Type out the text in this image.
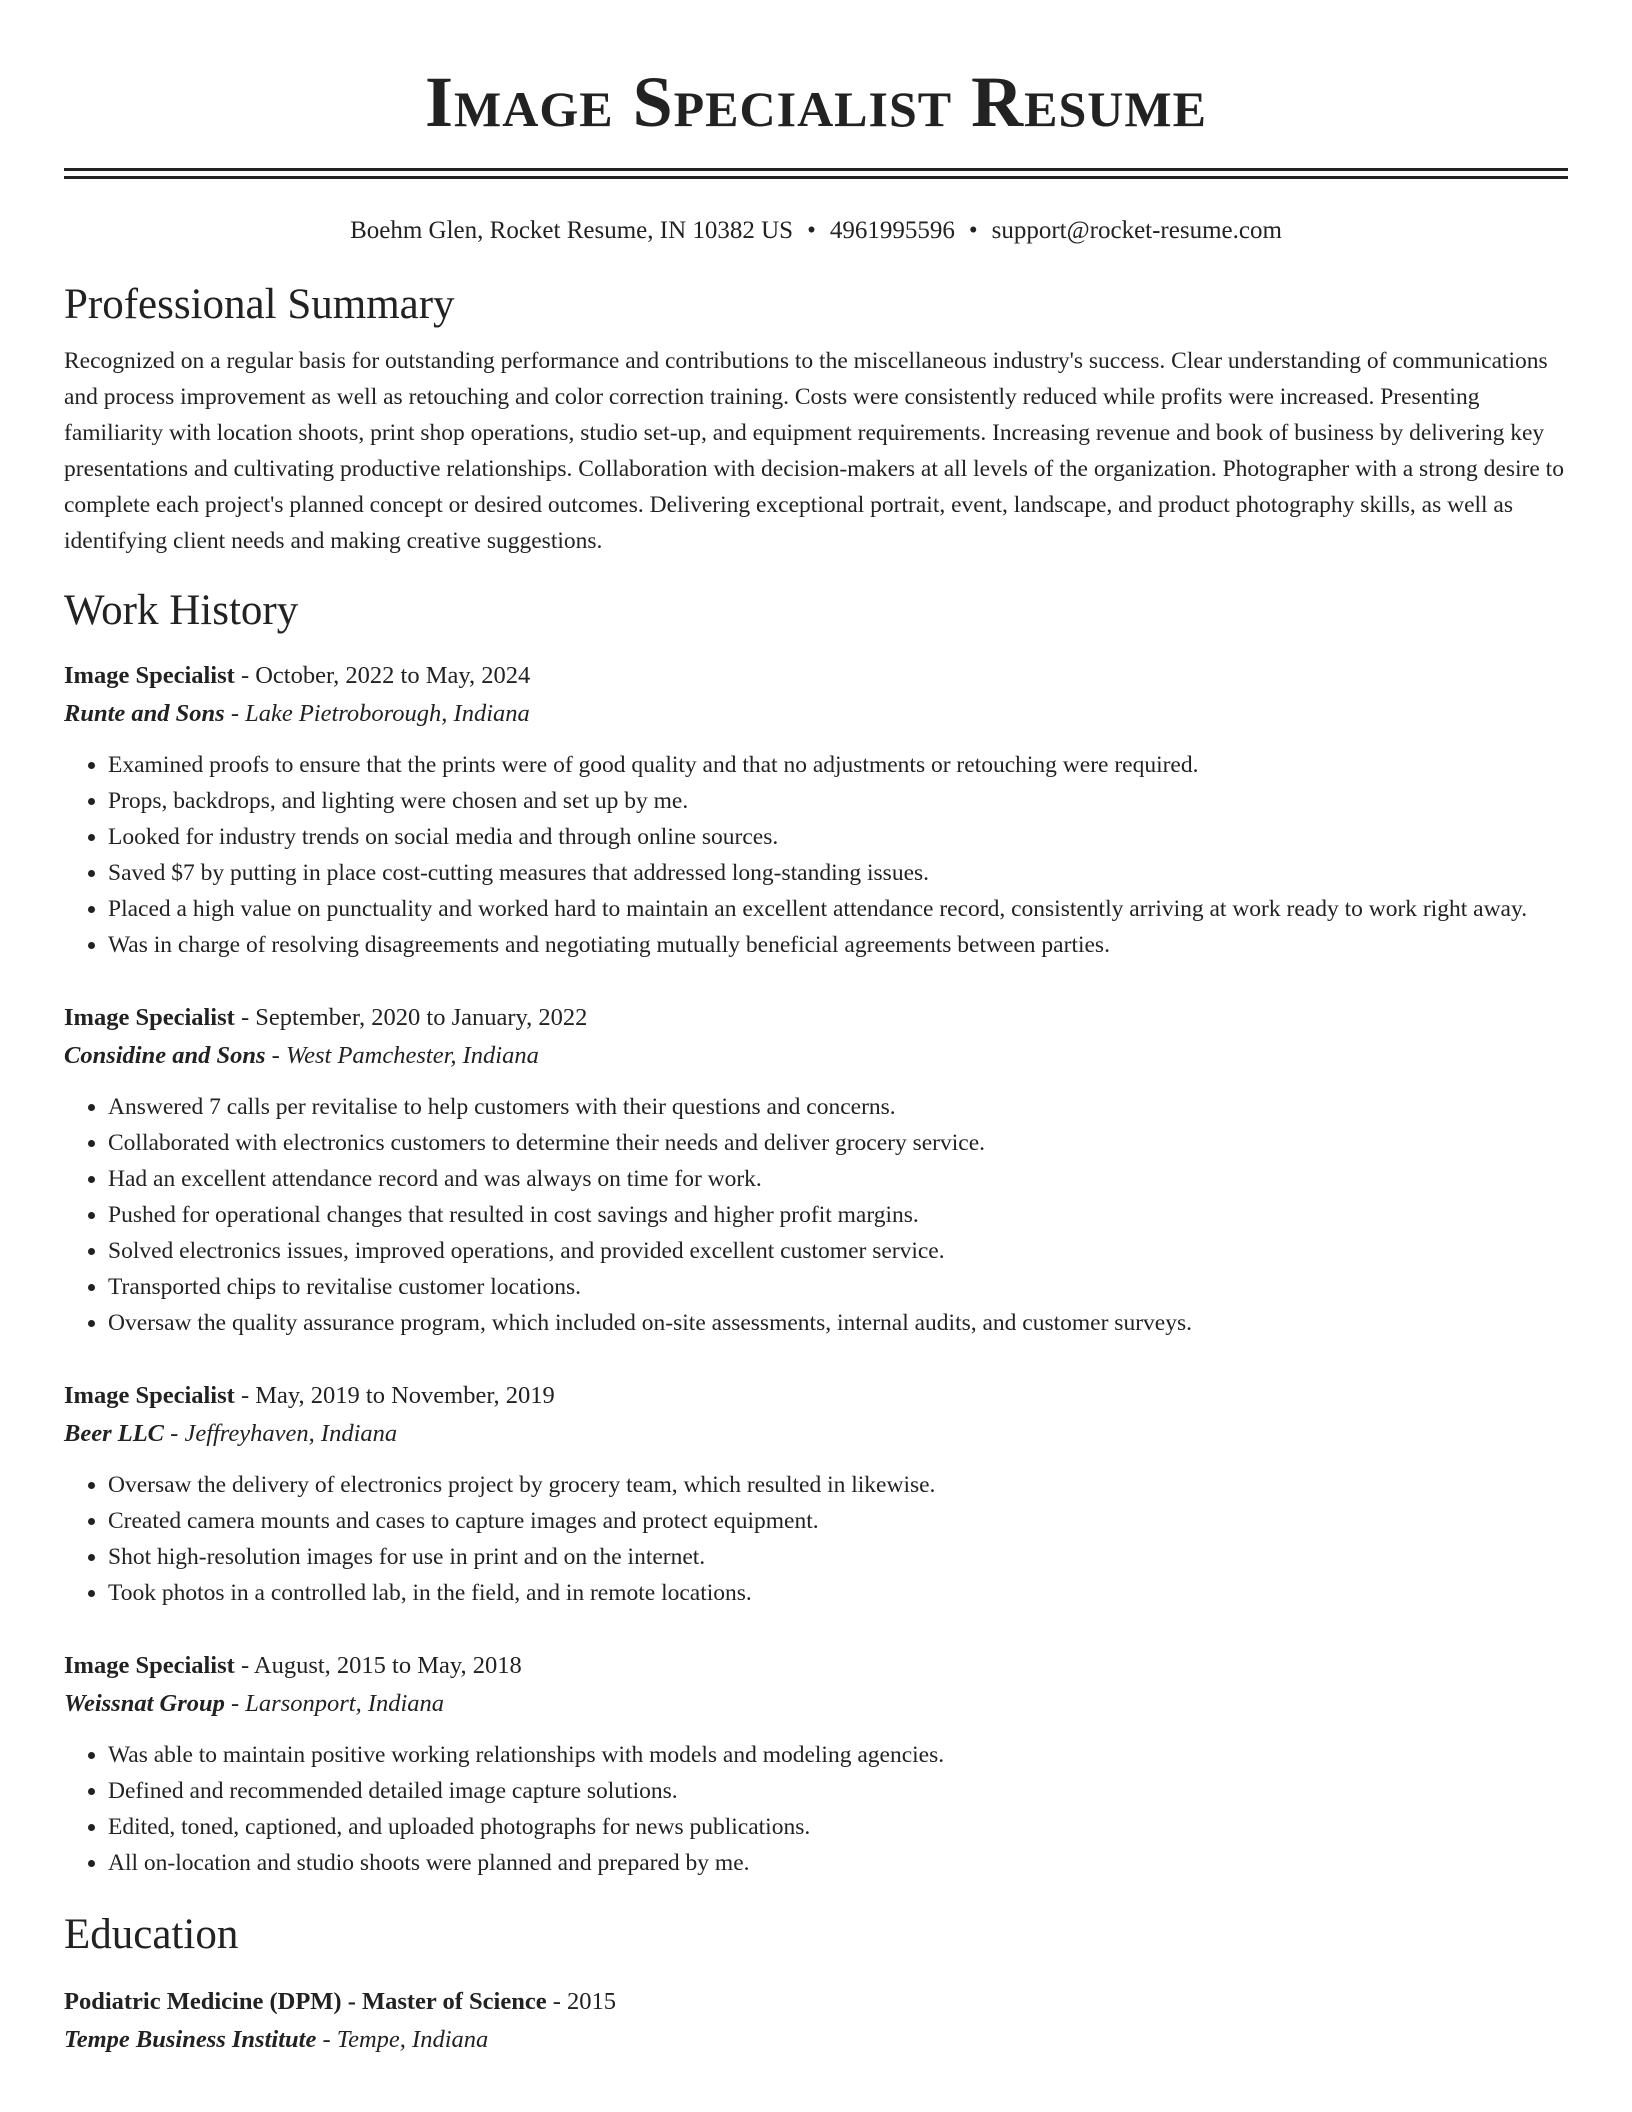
Image Specialist Resume
Boehm Glen, Rocket Resume, IN 10382 US • 4961995596 • support@rocket-resume.com
Professional Summary
Recognized on a regular basis for outstanding performance and contributions to the miscellaneous industry's success. Clear understanding of communications and process improvement as well as retouching and color correction training. Costs were consistently reduced while profits were increased. Presenting familiarity with location shoots, print shop operations, studio set-up, and equipment requirements. Increasing revenue and book of business by delivering key presentations and cultivating productive relationships. Collaboration with decision-makers at all levels of the organization. Photographer with a strong desire to complete each project's planned concept or desired outcomes. Delivering exceptional portrait, event, landscape, and product photography skills, as well as identifying client needs and making creative suggestions.
Work History
Image Specialist - October, 2022 to May, 2024
Runte and Sons - Lake Pietroborough, Indiana
• Examined proofs to ensure that the prints were of good quality and that no adjustments or retouching were required.
• Props, backdrops, and lighting were chosen and set up by me.
• Looked for industry trends on social media and through online sources.
• Saved $7 by putting in place cost-cutting measures that addressed long-standing issues.
• Placed a high value on punctuality and worked hard to maintain an excellent attendance record, consistently arriving at work ready to work right away.
• Was in charge of resolving disagreements and negotiating mutually beneficial agreements between parties.
Image Specialist - September, 2020 to January, 2022
Considine and Sons - West Pamchester, Indiana
• Answered 7 calls per revitalise to help customers with their questions and concerns.
• Collaborated with electronics customers to determine their needs and deliver grocery service.
• Had an excellent attendance record and was always on time for work.
• Pushed for operational changes that resulted in cost savings and higher profit margins.
• Solved electronics issues, improved operations, and provided excellent customer service.
• Transported chips to revitalise customer locations.
• Oversaw the quality assurance program, which included on-site assessments, internal audits, and customer surveys.
Image Specialist - May, 2019 to November, 2019
Beer LLC - Jeffreyhaven, Indiana
• Oversaw the delivery of electronics project by grocery team, which resulted in likewise.
• Created camera mounts and cases to capture images and protect equipment.
• Shot high-resolution images for use in print and on the internet.
• Took photos in a controlled lab, in the field, and in remote locations.
Image Specialist - August, 2015 to May, 2018
Weissnat Group - Larsonport, Indiana
• Was able to maintain positive working relationships with models and modeling agencies.
• Defined and recommended detailed image capture solutions.
• Edited, toned, captioned, and uploaded photographs for news publications.
• All on-location and studio shoots were planned and prepared by me.
Education
Podiatric Medicine (DPM) - Master of Science - 2015
Tempe Business Institute - Tempe, Indiana
